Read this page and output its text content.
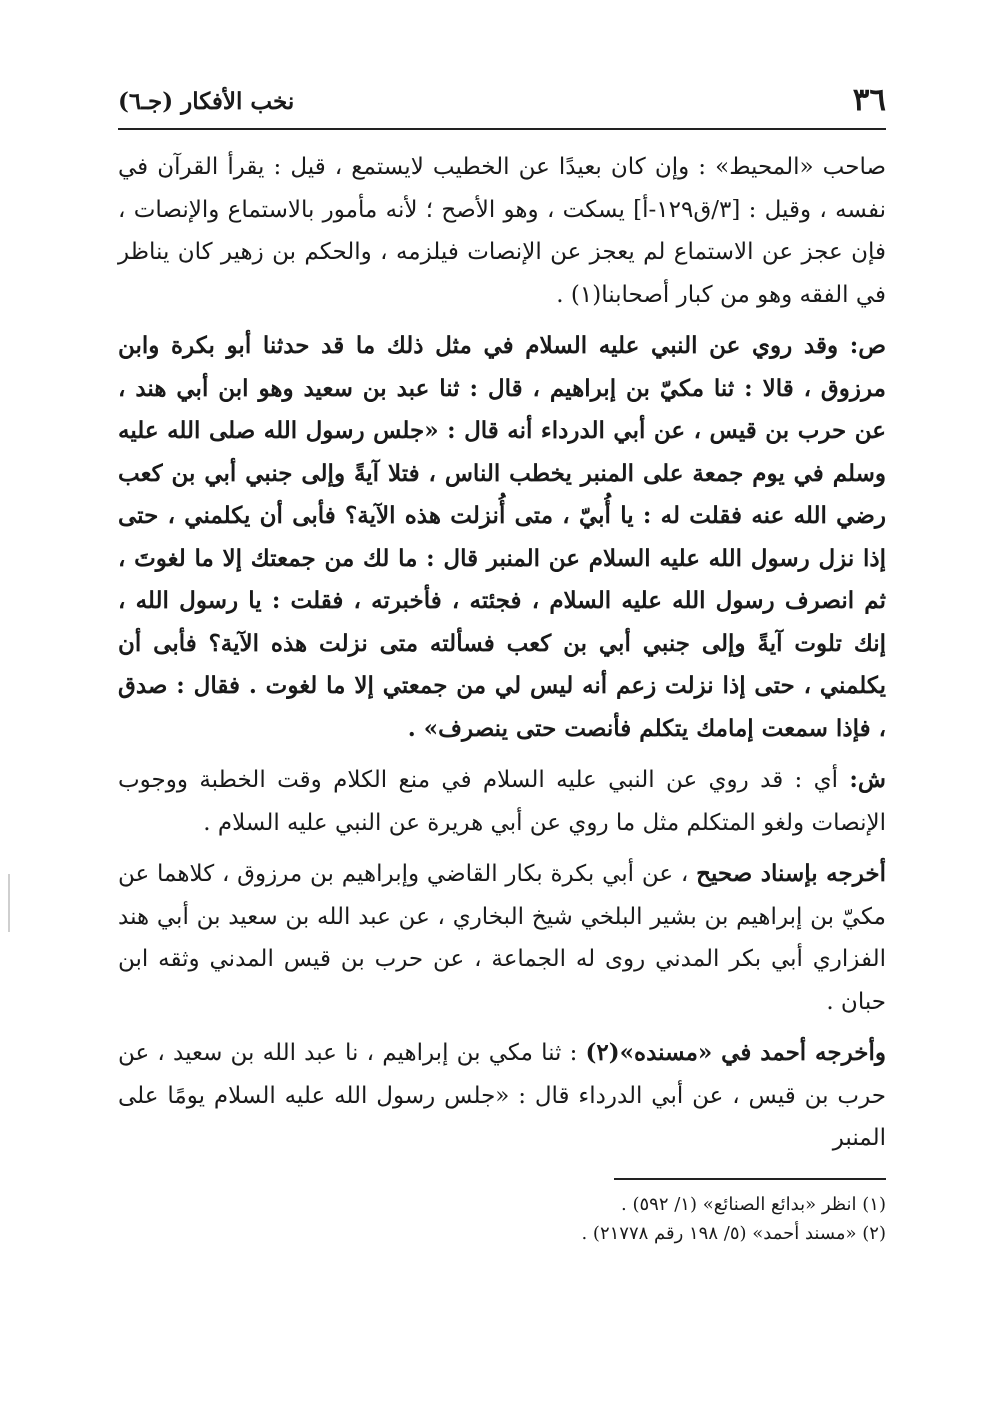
٣٦
نخب الأفكار (جـ٦)

صاحب «المحيط» : وإن كان بعيدًا عن الخطيب لايستمع ، قيل : يقرأ القرآن في نفسه ، وقيل : [٣/ق١٢٩-أ] يسكت ، وهو الأصح ؛ لأنه مأمور بالاستماع والإنصات ، فإن عجز عن الاستماع لم يعجز عن الإنصات فيلزمه ، والحكم بن زهير كان يناظر في الفقه وهو من كبار أصحابنا(١) .

ص: وقد روي عن النبي عليه السلام في مثل ذلك ما قد حدثنا أبو بكرة وابن مرزوق ، قالا : ثنا مكيّ بن إبراهيم ، قال : ثنا عبد بن سعيد وهو ابن أبي هند ، عن حرب بن قيس ، عن أبي الدرداء أنه قال : «جلس رسول الله صلى الله عليه وسلم في يوم جمعة على المنبر يخطب الناس ، فتلا آيةً وإلى جنبي أبي بن كعب رضي الله عنه فقلت له : يا أُبيّ ، متى أُنزلت هذه الآية؟ فأبى أن يكلمني ، حتى إذا نزل رسول الله عليه السلام عن المنبر قال : ما لك من جمعتك إلا ما لغوتَ ، ثم انصرف رسول الله عليه السلام ، فجئته ، فأخبرته ، فقلت : يا رسول الله ، إنك تلوت آيةً وإلى جنبي أبي بن كعب فسألته متى نزلت هذه الآية؟ فأبى أن يكلمني ، حتى إذا نزلت زعم أنه ليس لي من جمعتي إلا ما لغوت . فقال : صدق ، فإذا سمعت إمامك يتكلم فأنصت حتى ينصرف» .

ش: أي : قد روي عن النبي عليه السلام في منع الكلام وقت الخطبة ووجوب الإنصات ولغو المتكلم مثل ما روي عن أبي هريرة عن النبي عليه السلام .

أخرجه بإسناد صحيح ، عن أبي بكرة بكار القاضي وإبراهيم بن مرزوق ، كلاهما عن مكيّ بن إبراهيم بن بشير البلخي شيخ البخاري ، عن عبد الله بن سعيد بن أبي هند الفزاري أبي بكر المدني روى له الجماعة ، عن حرب بن قيس المدني وثقه ابن حبان .

وأخرجه أحمد في «مسنده»(٢) : ثنا مكي بن إبراهيم ، نا عبد الله بن سعيد ، عن حرب بن قيس ، عن أبي الدرداء قال : «جلس رسول الله عليه السلام يومًا على المنبر

(١) انظر «بدائع الصنائع» (١/ ٥٩٢) .

(٢) «مسند أحمد» (٥/ ١٩٨ رقم ٢١٧٧٨) .
